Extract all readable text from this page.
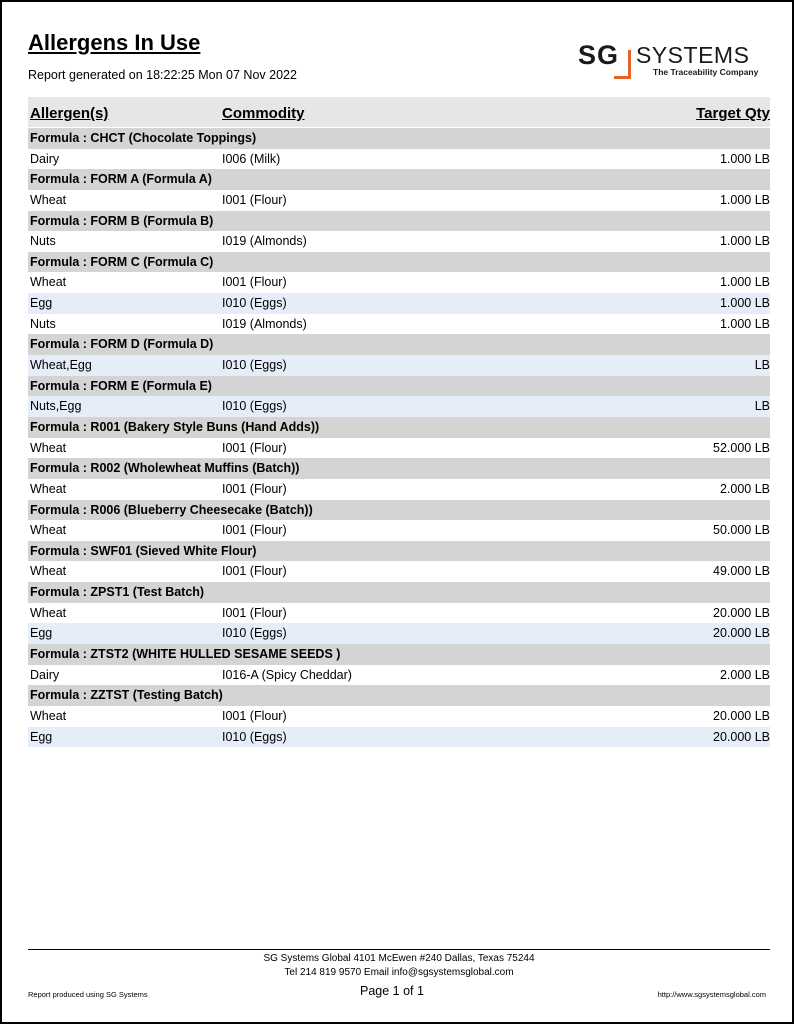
Allergens In Use
Report generated on 18:22:25 Mon 07 Nov 2022
SG SYSTEMS
The Traceability Company
Allergen(s)	Commodity	Target Qty
Formula : CHCT (Chocolate Toppings)
Dairy	I006 (Milk)	1.000 LB
Formula : FORM A (Formula A)
Wheat	I001 (Flour)	1.000 LB
Formula : FORM B (Formula B)
Nuts	I019 (Almonds)	1.000 LB
Formula : FORM C (Formula C)
Wheat	I001 (Flour)	1.000 LB
Egg	I010 (Eggs)	1.000 LB
Nuts	I019 (Almonds)	1.000 LB
Formula : FORM D (Formula D)
Wheat,Egg	I010 (Eggs)	LB
Formula : FORM E (Formula E)
Nuts,Egg	I010 (Eggs)	LB
Formula : R001 (Bakery Style Buns (Hand Adds))
Wheat	I001 (Flour)	52.000 LB
Formula : R002 (Wholewheat Muffins (Batch))
Wheat	I001 (Flour)	2.000 LB
Formula : R006 (Blueberry Cheesecake (Batch))
Wheat	I001 (Flour)	50.000 LB
Formula : SWF01 (Sieved White Flour)
Wheat	I001 (Flour)	49.000 LB
Formula : ZPST1 (Test Batch)
Wheat	I001 (Flour)	20.000 LB
Egg	I010 (Eggs)	20.000 LB
Formula : ZTST2 (WHITE HULLED SESAME SEEDS )
Dairy	I016-A (Spicy Cheddar)	2.000 LB
Formula : ZZTST (Testing Batch)
Wheat	I001 (Flour)	20.000 LB
Egg	I010 (Eggs)	20.000 LB
SG Systems Global 4101 McEwen #240 Dallas, Texas 75244
Tel 214 819 9570 Email info@sgsystemsglobal.com
Report produced using SG Systems	Page 1 of 1	http://www.sgsystemsglobal.com
